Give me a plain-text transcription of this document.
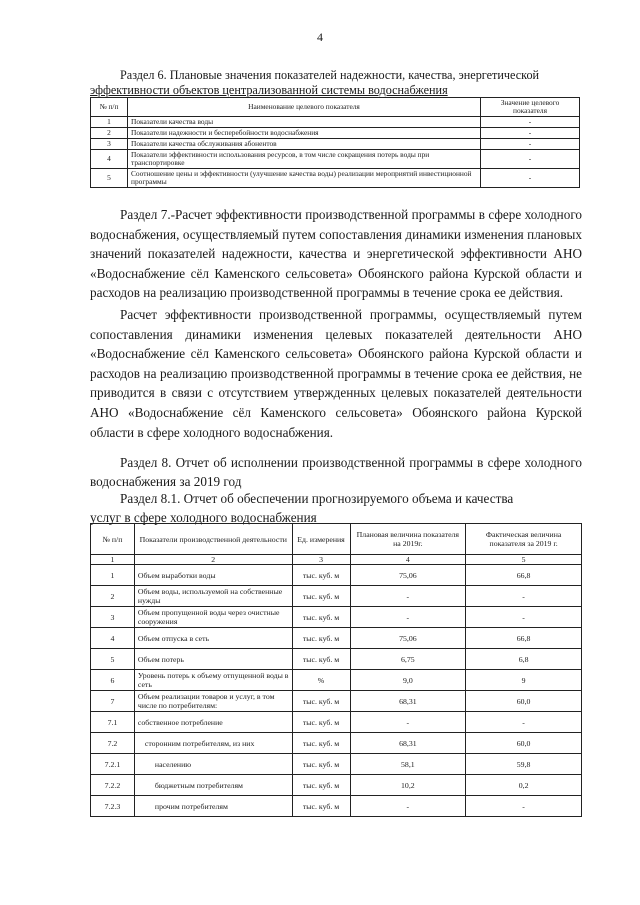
4
Раздел 6. Плановые значения показателей надежности, качества, энергетической
эффективности объектов централизованной системы водоснабжения
№ п/п	Наименование целевого показателя	Значение целевого показателя
1	Показатели качества воды	-
2	Показатели надежности и бесперебойности водоснабжения	-
3	Показатели качества обслуживания абонентов	-
4	Показатели эффективности использования ресурсов, в том числе сокращения потерь воды при транспортировке	-
5	Соотношение цены и эффективности (улучшение качества воды) реализации мероприятий инвестиционной программы	-
Раздел 7.-Расчет эффективности производственной программы в сфере холодного водоснабжения, осуществляемый путем сопоставления динамики изменения плановых значений показателей надежности, качества и энергетической эффективности АНО «Водоснабжение сёл Каменского сельсовета» Обоянского района Курской области и расходов на реализацию производственной программы в течение срока ее действия.
Расчет эффективности производственной программы, осуществляемый путем сопоставления динамики изменения целевых показателей деятельности АНО «Водоснабжение сёл Каменского сельсовета» Обоянского района Курской области и расходов на реализацию производственной программы в течение срока ее действия, не приводится в связи с отсутствием утвержденных целевых показателей деятельности АНО «Водоснабжение сёл Каменского сельсовета» Обоянского района Курской области в сфере холодного водоснабжения.
Раздел 8. Отчет об исполнении производственной программы в сфере холодного водоснабжения за 2019 год
Раздел 8.1. Отчет об обеспечении прогнозируемого объема и качества
услуг в сфере холодного водоснабжения
№ п/п	Показатели производственной деятельности	Ед. измерения	Плановая величина показателя на 2019г.	Фактическая величина показателя за 2019 г.
1	2	3	4	5
1	Объем выработки воды	тыс. куб. м	75,06	66,8
2	Объем воды, используемой на собственные нужды	тыс. куб. м	-	-
3	Объем пропущенной воды через очистные сооружения	тыс. куб. м	-	-
4	Объем отпуска в сеть	тыс. куб. м	75,06	66,8
5	Объем потерь	тыс. куб. м	6,75	6,8
6	Уровень потерь к объему отпущенной воды в сеть	%	9,0	9
7	Объем реализации товаров и услуг, в том числе по потребителям:	тыс. куб. м	68,31	60,0
7.1	собственное потребление	тыс. куб. м	-	-
7.2	сторонним потребителям, из них	тыс. куб. м	68,31	60,0
7.2.1	населению	тыс. куб. м	58,1	59,8
7.2.2	бюджетным потребителям	тыс. куб. м	10,2	0,2
7.2.3	прочим потребителям	тыс. куб. м	-	-
